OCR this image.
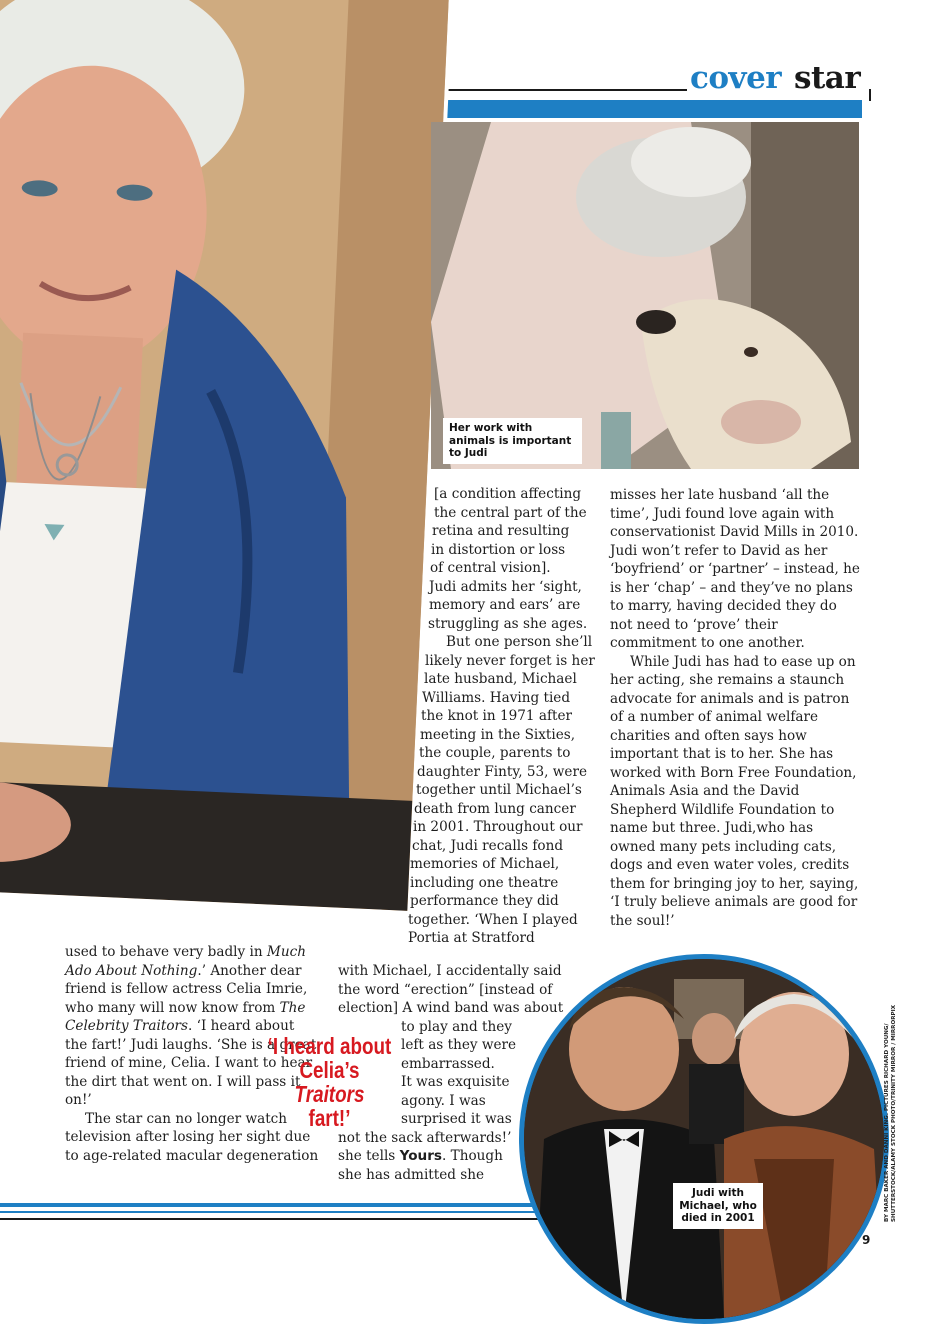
cover star
Her work with animals is important to Judi
[a condition affecting
the central part of the
retina and resulting
in distortion or loss
of central vision].
Judi admits her ‘sight,
memory and ears’ are
struggling as she ages.
But one person she’ll
likely never forget is her
late husband, Michael
Williams. Having tied
the knot in 1971 after
meeting in the Sixties,
the couple, parents to
daughter Finty, 53, were
together until Michael’s
death from lung cancer
in 2001. Throughout our
chat, Judi recalls fond
memories of Michael,
including one theatre
performance they did
together. ‘When I played
Portia at Stratford

misses her late husband ‘all the time’, Judi found love again with conservationist David Mills in 2010. Judi won’t refer to David as her ‘boyfriend’ or ‘partner’ – instead, he is her ‘chap’ – and they’ve no plans to marry, having decided they do not need to ‘prove’ their commitment to one another.

While Judi has had to ease up on her acting, she remains a staunch advocate for animals and is patron of a number of animal welfare charities and often says how important that is to her. She has worked with Born Free Foundation, Animals Asia and the David Shepherd Wildlife Foundation to name but three. Judi,who has owned many pets including cats, dogs and even water voles, credits them for bringing joy to her, saying, ‘I truly believe animals are good for the soul!’

used to behave very badly in Much Ado About Nothing.’ Another dear friend is fellow actress Celia Imrie, who many will now know from The Celebrity Traitors. ‘I heard about the fart!’ Judi laughs. ‘She is a great friend of mine, Celia. I want to hear the dirt that went on. I will pass it on!’

The star can no longer watch television after losing her sight due to age-related macular degeneration

‘I heard about
Celia’s Traitors
fart!’
with Michael, I accidentally said
the word “erection” [instead of
election] A wind band was about
to play and they
left as they were
embarrassed.
It was exquisite
agony. I was
surprised it was
not the sack afterwards!’
she tells Yours. Though
she has admitted she
Judi with Michael, who died in 2001
9
BY MARC BAKER AND DANNI KING. PICTURES RICHARD YOUNG/ SHUTTERSTOCK/ALAMY STOCK PHOTO/TRINITY MIRROR / MIRRORPIX
